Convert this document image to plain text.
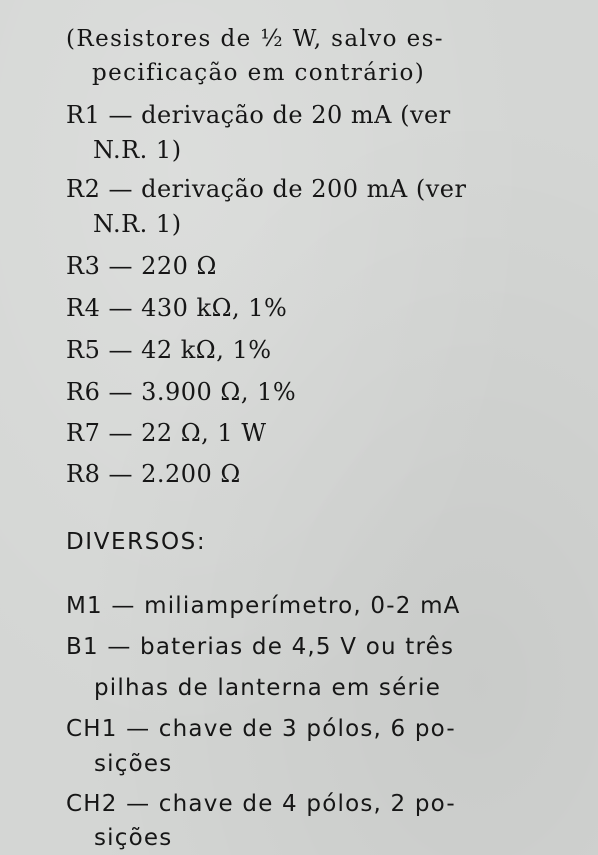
(Resistores de ½ W, salvo es-
pecificação em contrário)
R1 — derivação de 20 mA (ver
N.R. 1)
R2 — derivação de 200 mA (ver
N.R. 1)
R3 — 220 Ω
R4 — 430 kΩ, 1%
R5 — 42 kΩ, 1%
R6 — 3.900 Ω, 1%
R7 — 22 Ω, 1 W
R8 — 2.200 Ω
DIVERSOS:
M1 — miliamperímetro, 0-2 mA
B1 — baterias de 4,5 V ou três
pilhas de lanterna em série
CH1 — chave de 3 pólos, 6 po-
sições
CH2 — chave de 4 pólos, 2 po-
sições
